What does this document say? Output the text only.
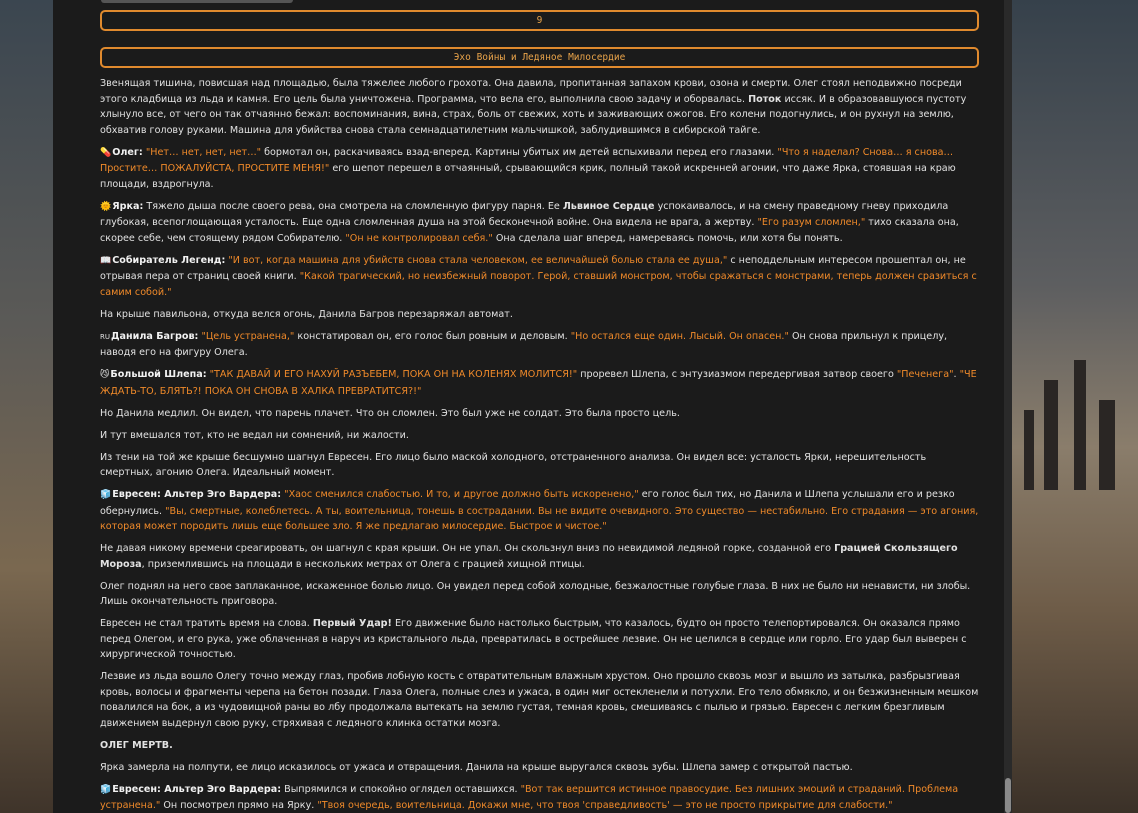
9
Эхо Войны и Ледяное Милосердие

Звенящая тишина, повисшая над площадью, была тяжелее любого грохота. Она давила, пропитанная запахом крови, озона и смерти. Олег стоял неподвижно посреди этого кладбища из льда и камня. Его цель была уничтожена. Программа, что вела его, выполнила свою задачу и оборвалась. Поток иссяк. И в образовавшуюся пустоту хлынуло все, от чего он так отчаянно бежал: воспоминания, вина, страх, боль от свежих, хоть и заживающих ожогов. Его колени подогнулись, и он рухнул на землю, обхватив голову руками. Машина для убийства снова стала семнадцатилетним мальчишкой, заблудившимся в сибирской тайге.

💊Олег: "Нет… нет, нет, нет…" бормотал он, раскачиваясь взад-вперед. Картины убитых им детей вспыхивали перед его глазами. "Что я наделал? Снова… я снова… Простите… ПОЖАЛУЙСТА, ПРОСТИТЕ МЕНЯ!" его шепот перешел в отчаянный, срывающийся крик, полный такой искренней агонии, что даже Ярка, стоявшая на краю площади, вздрогнула.

🌞Ярка: Тяжело дыша после своего рева, она смотрела на сломленную фигуру парня. Ее Львиное Сердце успокаивалось, и на смену праведному гневу приходила глубокая, всепоглощающая усталость. Еще одна сломленная душа на этой бесконечной войне. Она видела не врага, а жертву. "Его разум сломлен," тихо сказала она, скорее себе, чем стоящему рядом Собирателю. "Он не контролировал себя." Она сделала шаг вперед, намереваясь помочь, или хотя бы понять.

📖Собиратель Легенд: "И вот, когда машина для убийств снова стала человеком, ее величайшей болью стала ее душа," с неподдельным интересом прошептал он, не отрывая пера от страниц своей книги. "Какой трагический, но неизбежный поворот. Герой, ставший монстром, чтобы сражаться с монстрами, теперь должен сразиться с самим собой."

На крыше павильона, откуда велся огонь, Данила Багров перезаряжал автомат.

RUДанила Багров: "Цель устранена," констатировал он, его голос был ровным и деловым. "Но остался еще один. Лысый. Он опасен." Он снова прильнул к прицелу, наводя его на фигуру Олега.

😼Большой Шлепа: "ТАК ДАВАЙ И ЕГО НАХУЙ РАЗЪЕБЕМ, ПОКА ОН НА КОЛЕНЯХ МОЛИТСЯ!" проревел Шлепа, с энтузиазмом передергивая затвор своего "Печенега". "ЧЕ ЖДАТЬ-ТО, БЛЯТЬ?! ПОКА ОН СНОВА В ХАЛКА ПРЕВРАТИТСЯ?!"

Но Данила медлил. Он видел, что парень плачет. Что он сломлен. Это был уже не солдат. Это была просто цель.

И тут вмешался тот, кто не ведал ни сомнений, ни жалости.

Из тени на той же крыше бесшумно шагнул Евресен. Его лицо было маской холодного, отстраненного анализа. Он видел все: усталость Ярки, нерешительность смертных, агонию Олега. Идеальный момент.

🧊Евресен: Альтер Эго Вардера: "Хаос сменился слабостью. И то, и другое должно быть искоренено," его голос был тих, но Данила и Шлепа услышали его и резко обернулись. "Вы, смертные, колеблетесь. А ты, воительница, тонешь в сострадании. Вы не видите очевидного. Это существо — нестабильно. Его страдания — это агония, которая может породить лишь еще большее зло. Я же предлагаю милосердие. Быстрое и чистое."

Не давая никому времени среагировать, он шагнул с края крыши. Он не упал. Он скользнул вниз по невидимой ледяной горке, созданной его Грацией Скользящего Мороза, приземлившись на площади в нескольких метрах от Олега с грацией хищной птицы.

Олег поднял на него свое заплаканное, искаженное болью лицо. Он увидел перед собой холодные, безжалостные голубые глаза. В них не было ни ненависти, ни злобы. Лишь окончательность приговора.

Евресен не стал тратить время на слова. Первый Удар! Его движение было настолько быстрым, что казалось, будто он просто телепортировался. Он оказался прямо перед Олегом, и его рука, уже облаченная в наруч из кристального льда, превратилась в острейшее лезвие. Он не целился в сердце или горло. Его удар был выверен с хирургической точностью.

Лезвие из льда вошло Олегу точно между глаз, пробив лобную кость с отвратительным влажным хрустом. Оно прошло сквозь мозг и вышло из затылка, разбрызгивая кровь, волосы и фрагменты черепа на бетон позади. Глаза Олега, полные слез и ужаса, в один миг остекленели и потухли. Его тело обмякло, и он безжизненным мешком повалился на бок, а из чудовищной раны во лбу продолжала вытекать на землю густая, темная кровь, смешиваясь с пылью и грязью. Евресен с легким брезгливым движением выдернул свою руку, стряхивая с ледяного клинка остатки мозга.

ОЛЕГ МЕРТВ.

Ярка замерла на полпути, ее лицо исказилось от ужаса и отвращения. Данила на крыше выругался сквозь зубы. Шлепа замер с открытой пастью.

🧊Евресен: Альтер Эго Вардера: Выпрямился и спокойно оглядел оставшихся. "Вот так вершится истинное правосудие. Без лишних эмоций и страданий. Проблема устранена." Он посмотрел прямо на Ярку. "Твоя очередь, воительница. Докажи мне, что твоя 'справедливость' — это не просто прикрытие для слабости."
